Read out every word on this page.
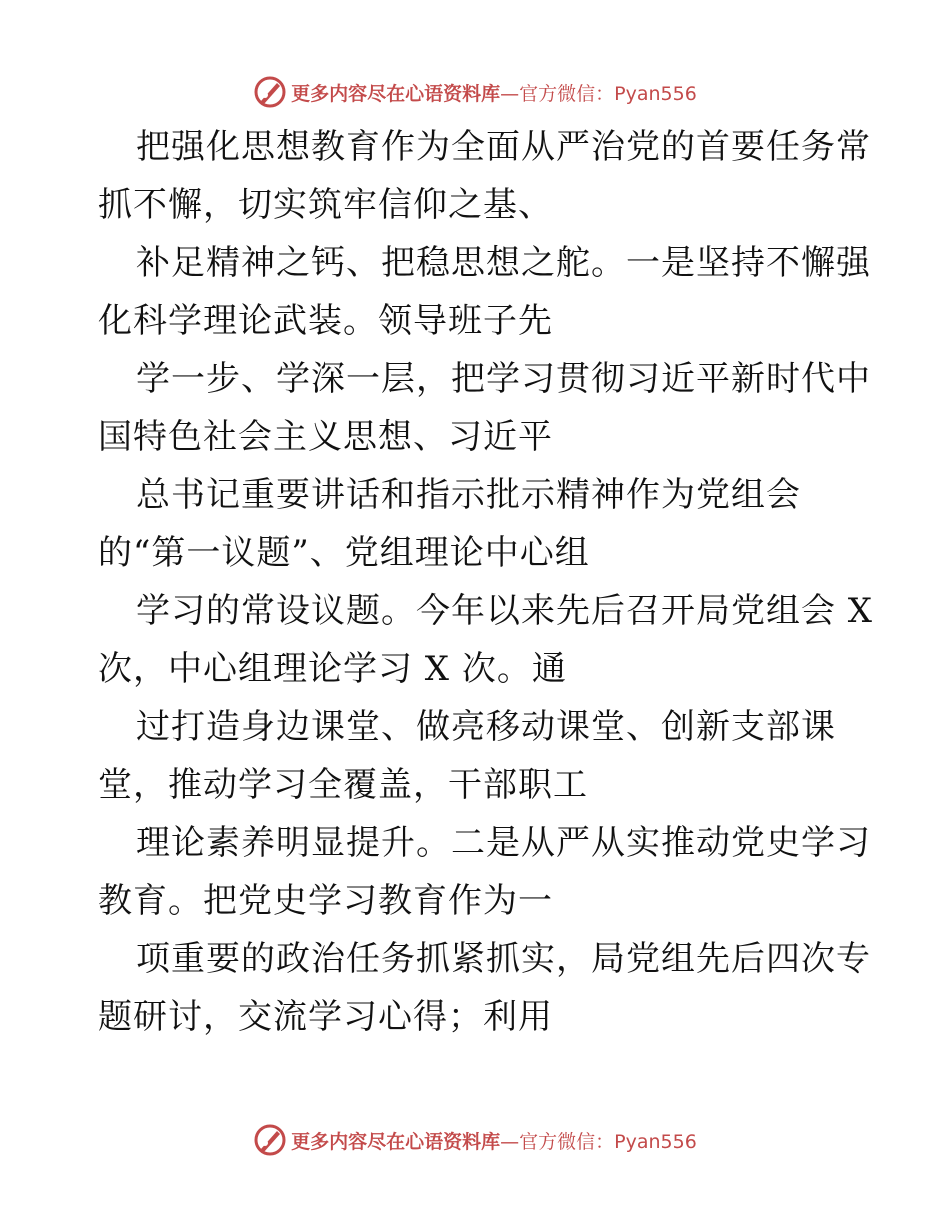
更多内容尽在心语资料库 —官方微信：Pyan556
把强化思想教育作为全面从严治党的首要任务常
抓不懈，切实筑牢信仰之基、
补足精神之钙、把稳思想之舵。一是坚持不懈强
化科学理论武装。领导班子先
学一步、学深一层，把学习贯彻习近平新时代中
国特色社会主义思想、习近平
总书记重要讲话和指示批示精神作为党组会
的“第一议题”、党组理论中心组
学习的常设议题。今年以来先后召开局党组会 X
次，中心组理论学习 X 次。通
过打造身边课堂、做亮移动课堂、创新支部课
堂，推动学习全覆盖，干部职工
理论素养明显提升。二是从严从实推动党史学习
教育。把党史学习教育作为一
项重要的政治任务抓紧抓实，局党组先后四次专
题研讨，交流学习心得；利用
更多内容尽在心语资料库 —官方微信：Pyan556
